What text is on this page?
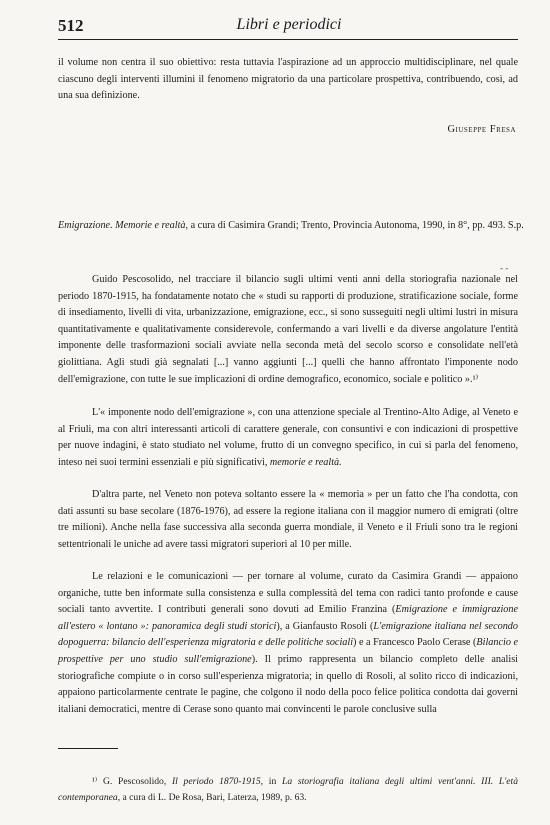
Libri e periodici
512

il volume non centra il suo obiettivo: resta tuttavia l'aspirazione ad un approccio multidisciplinare, nel quale ciascuno degli interventi illumini il fenomeno migratorio da una particolare prospettiva, contribuendo, così, ad una sua definizione.

Giuseppe Fresa

Emigrazione. Memorie e realtà, a cura di Casimira Grandi; Trento, Provincia Autonoma, 1990, in 8°, pp. 493. S.p.

- -

Guido Pescosolido, nel tracciare il bilancio sugli ultimi venti anni della storiografia nazionale nel periodo 1870-1915, ha fondatamente notato che « studi su rapporti di produzione, stratificazione sociale, forme di insediamento, livelli di vita, urbanizzazione, emigrazione, ecc., si sono susseguiti negli ultimi lustri in misura quantitativamente e qualitativamente considerevole, confermando a vari livelli e da diverse angolature l'entità imponente delle trasformazioni sociali avviate nella seconda metà del secolo scorso e consolidate nell'età giolittiana. Agli studi già segnalati [...] vanno aggiunti [...] quelli che hanno affrontato l'imponente nodo dell'emigrazione, con tutte le sue implicazioni di ordine demografico, economico, sociale e politico ».¹⁾

L'« imponente nodo dell'emigrazione », con una attenzione speciale al Trentino-Alto Adige, al Veneto e al Friuli, ma con altri interessanti articoli di carattere generale, con consuntivi e con indicazioni di prospettive per nuove indagini, è stato studiato nel volume, frutto di un convegno specifico, in cui si parla del fenomeno, inteso nei suoi termini essenziali e più significativi, memorie e realtà.

D'altra parte, nel Veneto non poteva soltanto essere la « memoria » per un fatto che l'ha condotta, con dati assunti su base secolare (1876-1976), ad essere la regione italiana con il maggior numero di emigrati (oltre tre milioni). Anche nella fase successiva alla seconda guerra mondiale, il Veneto e il Friuli sono tra le regioni settentrionali le uniche ad avere tassi migratori superiori al 10 per mille.

Le relazioni e le comunicazioni — per tornare al volume, curato da Casimira Grandi — appaiono organiche, tutte ben informate sulla consistenza e sulla complessità del tema con radici tanto profonde e cause sociali tanto avvertite. I contributi generali sono dovuti ad Emilio Franzina (Emigrazione e immigrazione all'estero « lontano »: panoramica degli studi storici), a Gianfausto Rosoli (L'emigrazione italiana nel secondo dopoguerra: bilancio dell'esperienza migratoria e delle politiche sociali) e a Francesco Paolo Cerase (Bilancio e prospettive per uno studio sull'emigrazione). Il primo rappresenta un bilancio completo delle analisi storiografiche compiute o in corso sull'esperienza migratoria; in quello di Rosoli, al solito ricco di indicazioni, appaiono particolarmente centrate le pagine, che colgono il nodo della poco felice politica condotta dai governi italiani democratici, mentre di Cerase sono quanto mai convincenti le parole conclusive sulla

¹⁾ G. Pescosolido, Il periodo 1870-1915, in La storiografia italiana degli ultimi vent'anni. III. L'età contemporanea, a cura di L. De Rosa, Bari, Laterza, 1989, p. 63.
